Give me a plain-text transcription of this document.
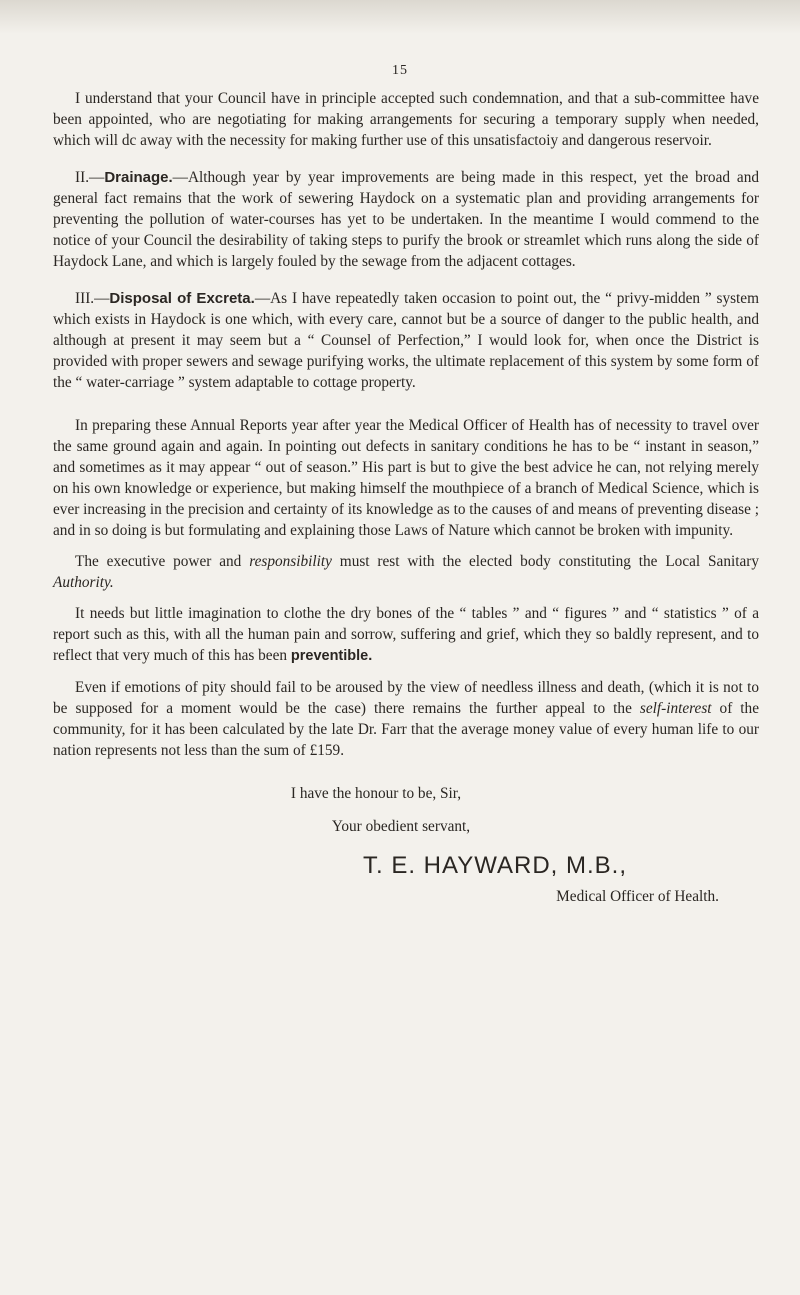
15

I understand that your Council have in principle accepted such condemnation, and that a sub-committee have been appointed, who are negotiating for making arrangements for securing a temporary supply when needed, which will dc away with the necessity for making further use of this unsatisfactoiy and dangerous reservoir.

II.—Drainage.—Although year by year improvements are being made in this respect, yet the broad and general fact remains that the work of sewering Haydock on a systematic plan and providing arrangements for preventing the pollution of water-courses has yet to be undertaken. In the meantime I would commend to the notice of your Council the desirability of taking steps to purify the brook or streamlet which runs along the side of Haydock Lane, and which is largely fouled by the sewage from the adjacent cottages.

III.—Disposal of Excreta.—As I have repeatedly taken occasion to point out, the “ privy-midden ” system which exists in Haydock is one which, with every care, cannot but be a source of danger to the public health, and although at present it may seem but a “ Counsel of Perfection,” I would look for, when once the District is provided with proper sewers and sewage purifying works, the ultimate replacement of this system by some form of the “ water-carriage ” system adaptable to cottage property.

In preparing these Annual Reports year after year the Medical Officer of Health has of necessity to travel over the same ground again and again. In pointing out defects in sanitary conditions he has to be “ instant in season,” and sometimes as it may appear “ out of season.” His part is but to give the best advice he can, not relying merely on his own knowledge or experience, but making himself the mouthpiece of a branch of Medical Science, which is ever increasing in the precision and certainty of its knowledge as to the causes of and means of preventing disease ; and in so doing is but formulating and explaining those Laws of Nature which cannot be broken with impunity.

The executive power and responsibility must rest with the elected body constituting the Local Sanitary Authority.

It needs but little imagination to clothe the dry bones of the “ tables ” and “ figures ” and “ statistics ” of a report such as this, with all the human pain and sorrow, suffering and grief, which they so baldly represent, and to reflect that very much of this has been preventible.

Even if emotions of pity should fail to be aroused by the view of needless illness and death, (which it is not to be supposed for a moment would be the case) there remains the further appeal to the self-interest of the community, for it has been calculated by the late Dr. Farr that the average money value of every human life to our nation represents not less than the sum of £159.

I have the honour to be, Sir,

Your obedient servant,

T. E. HAYWARD, M.B.,

Medical Officer of Health.
